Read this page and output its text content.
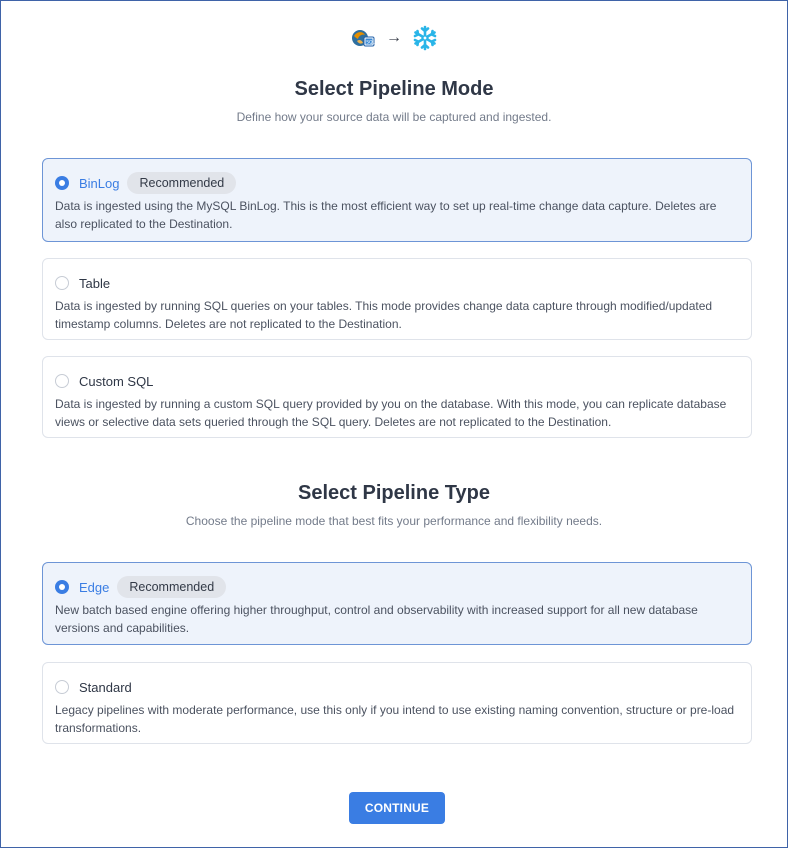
SQL →
Select Pipeline Mode
Define how your source data will be captured and ingested.
BinLog	Recommended
Data is ingested using the MySQL BinLog. This is the most efficient way to set up real-time change data capture. Deletes are also replicated to the Destination.
Table
Data is ingested by running SQL queries on your tables. This mode provides change data capture through modified/updated timestamp columns. Deletes are not replicated to the Destination.
Custom SQL
Data is ingested by running a custom SQL query provided by you on the database. With this mode, you can replicate database views or selective data sets queried through the SQL query. Deletes are not replicated to the Destination.
Select Pipeline Type
Choose the pipeline mode that best fits your performance and flexibility needs.
Edge	Recommended
New batch based engine offering higher throughput, control and observability with increased support for all new database versions and capabilities.
Standard
Legacy pipelines with moderate performance, use this only if you intend to use existing naming convention, structure or pre-load transformations.
CONTINUE
